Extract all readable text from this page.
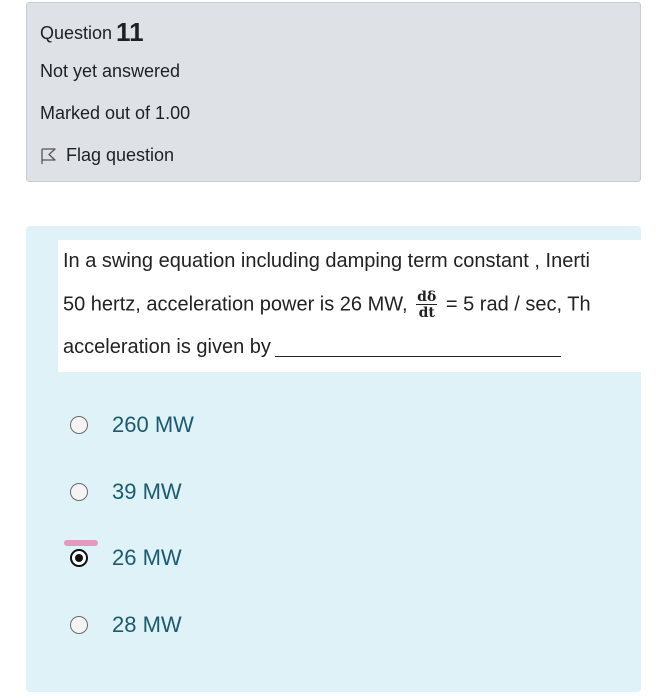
Question 11
Not yet answered
Marked out of 1.00
Flag question
In a swing equation including damping term constant , Inerti
50 hertz, acceleration power is 26 MW, $\frac{d\delta}{dt} = 5$ rad / sec, Th
acceleration is given by
260 MW
39 MW
26 MW
28 MW
